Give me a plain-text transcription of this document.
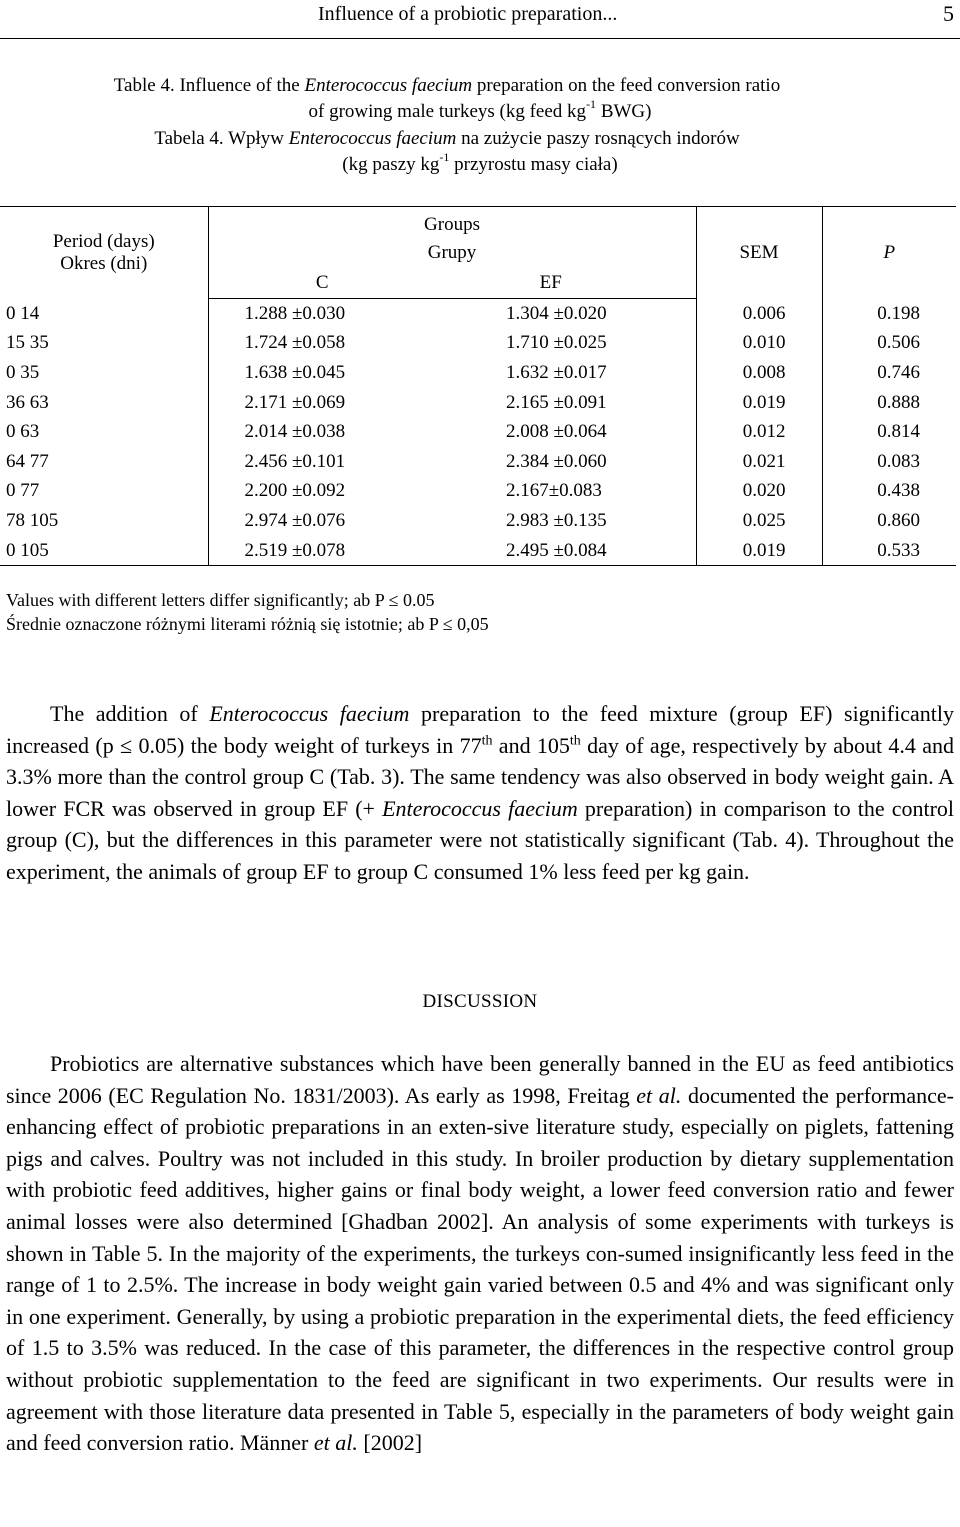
Influence of a probiotic preparation...	5
Table 4. Influence of the Enterococcus faecium preparation on the feed conversion ratio
of growing male turkeys (kg feed $kg^{-1}$ BWG)
Tabela 4. Wpływ Enterococcus faecium na zużycie paszy rosnących indorów
(kg paszy $kg^{-1}$ przyrostu masy ciała)
Period (days)
Okres (dni)	Groups		SEM	P
	Grupy			
	C	EF		
0 14	1.288 ±0.030	1.304 ±0.020	0.006	0.198
15 35	1.724 ±0.058	1.710 ±0.025	0.010	0.506
0 35	1.638 ±0.045	1.632 ±0.017	0.008	0.746
36 63	2.171 ±0.069	2.165 ±0.091	0.019	0.888
0 63	2.014 ±0.038	2.008 ±0.064	0.012	0.814
64 77	2.456 ±0.101	2.384 ±0.060	0.021	0.083
0 77	2.200 ±0.092	2.167±0.083	0.020	0.438
78 105	2.974 ±0.076	2.983 ±0.135	0.025	0.860
0 105	2.519 ±0.078	2.495 ±0.084	0.019	0.533
Values with different letters differ significantly; ab P ≤ 0.05
Średnie oznaczone różnymi literami różnią się istotnie; ab P ≤ 0,05

The addition of Enterococcus faecium preparation to the feed mixture (group EF) significantly increased (p ≤ 0.05) the body weight of turkeys in 77th and 105th day of age, respectively by about 4.4 and 3.3% more than the control group C (Tab. 3). The same tendency was also observed in body weight gain. A lower FCR was observed in group EF (+ Enterococcus faecium preparation) in comparison to the control group (C), but the differences in this parameter were not statistically significant (Tab. 4). Throughout the experiment, the animals of group EF to group C consumed 1% less feed per kg gain.

DISCUSSION

Probiotics are alternative substances which have been generally banned in the EU as feed antibiotics since 2006 (EC Regulation No. 1831/2003). As early as 1998, Freitag et al. documented the performance-enhancing effect of probiotic preparations in an exten-sive literature study, especially on piglets, fattening pigs and calves. Poultry was not included in this study. In broiler production by dietary supplementation with probiotic feed additives, higher gains or final body weight, a lower feed conversion ratio and fewer animal losses were also determined [Ghadban 2002]. An analysis of some experiments with turkeys is shown in Table 5. In the majority of the experiments, the turkeys con-sumed insignificantly less feed in the range of 1 to 2.5%. The increase in body weight gain varied between 0.5 and 4% and was significant only in one experiment. Generally, by using a probiotic preparation in the experimental diets, the feed efficiency of 1.5 to 3.5% was reduced. In the case of this parameter, the differences in the respective control group without probiotic supplementation to the feed are significant in two experiments. Our results were in agreement with those literature data presented in Table 5, especially in the parameters of body weight gain and feed conversion ratio. Männer et al. [2002]
